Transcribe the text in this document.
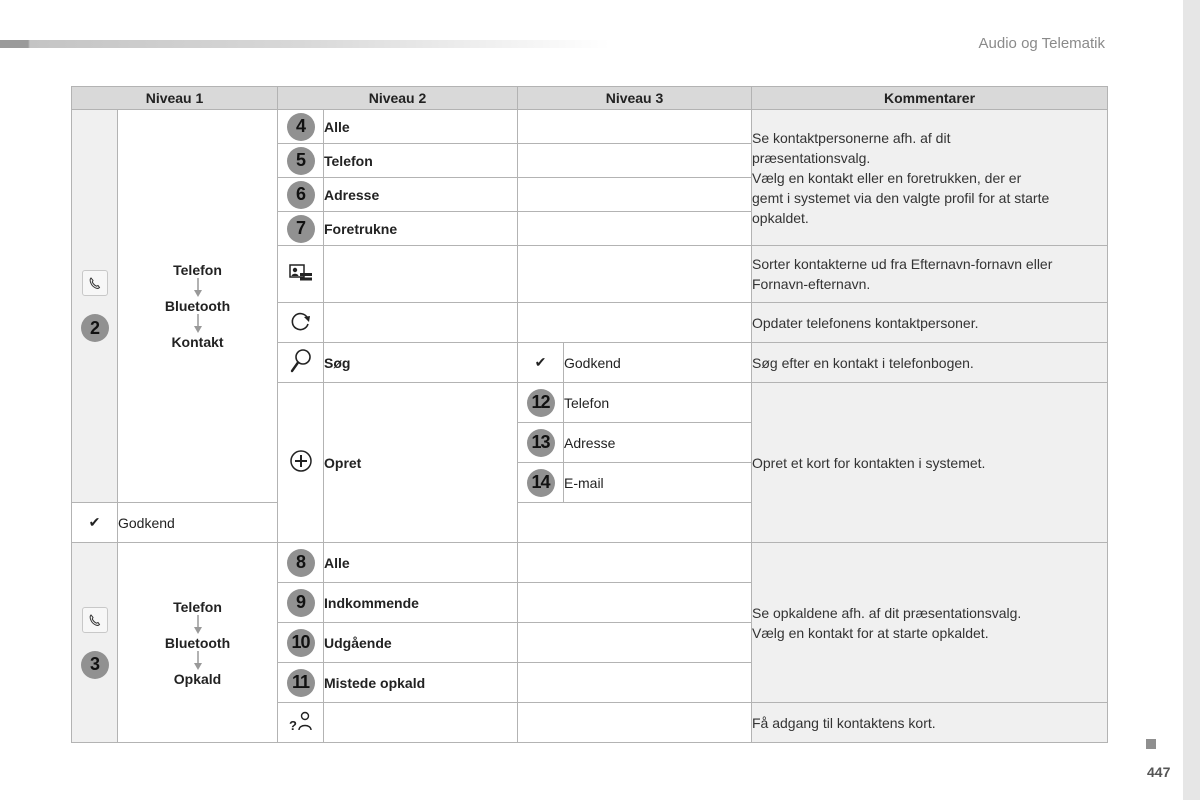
Audio og Telematik
Niveau 1		Niveau 2		Niveau 3		Kommentarer

2	Telefon
Bluetooth
Kontakt	4	Alle			Se kontaktpersonerne afh. af dit
præsentationsvalg.
Vælg en kontakt eller en foretrukken, der er
gemt i systemet via den valgte profil for at starte
opkaldet.
		5	Telefon			
		6	Adresse			
		7	Foretrukne			
			Sorter kontakterne ud fra Efternavn-fornavn eller
Fornavn-efternavn.
			Opdater telefonens kontaktpersoner.
	Søg	✔	Godkend	Søg efter en kontakt i telefonbogen.
	Opret	12	Telefon	Opret et kort for kontakten i systemet.
				13	Adresse	
				14	E-mail	
✔	Godkend					

3	Telefon
Bluetooth
Opkald	8	Alle			Se opkaldene afh. af dit præsentationsvalg.
Vælg en kontakt for at starte opkaldet.
		9	Indkommende			
		10	Udgående			
		11	Mistede opkald			

?				Få adgang til kontaktens kort.
447
